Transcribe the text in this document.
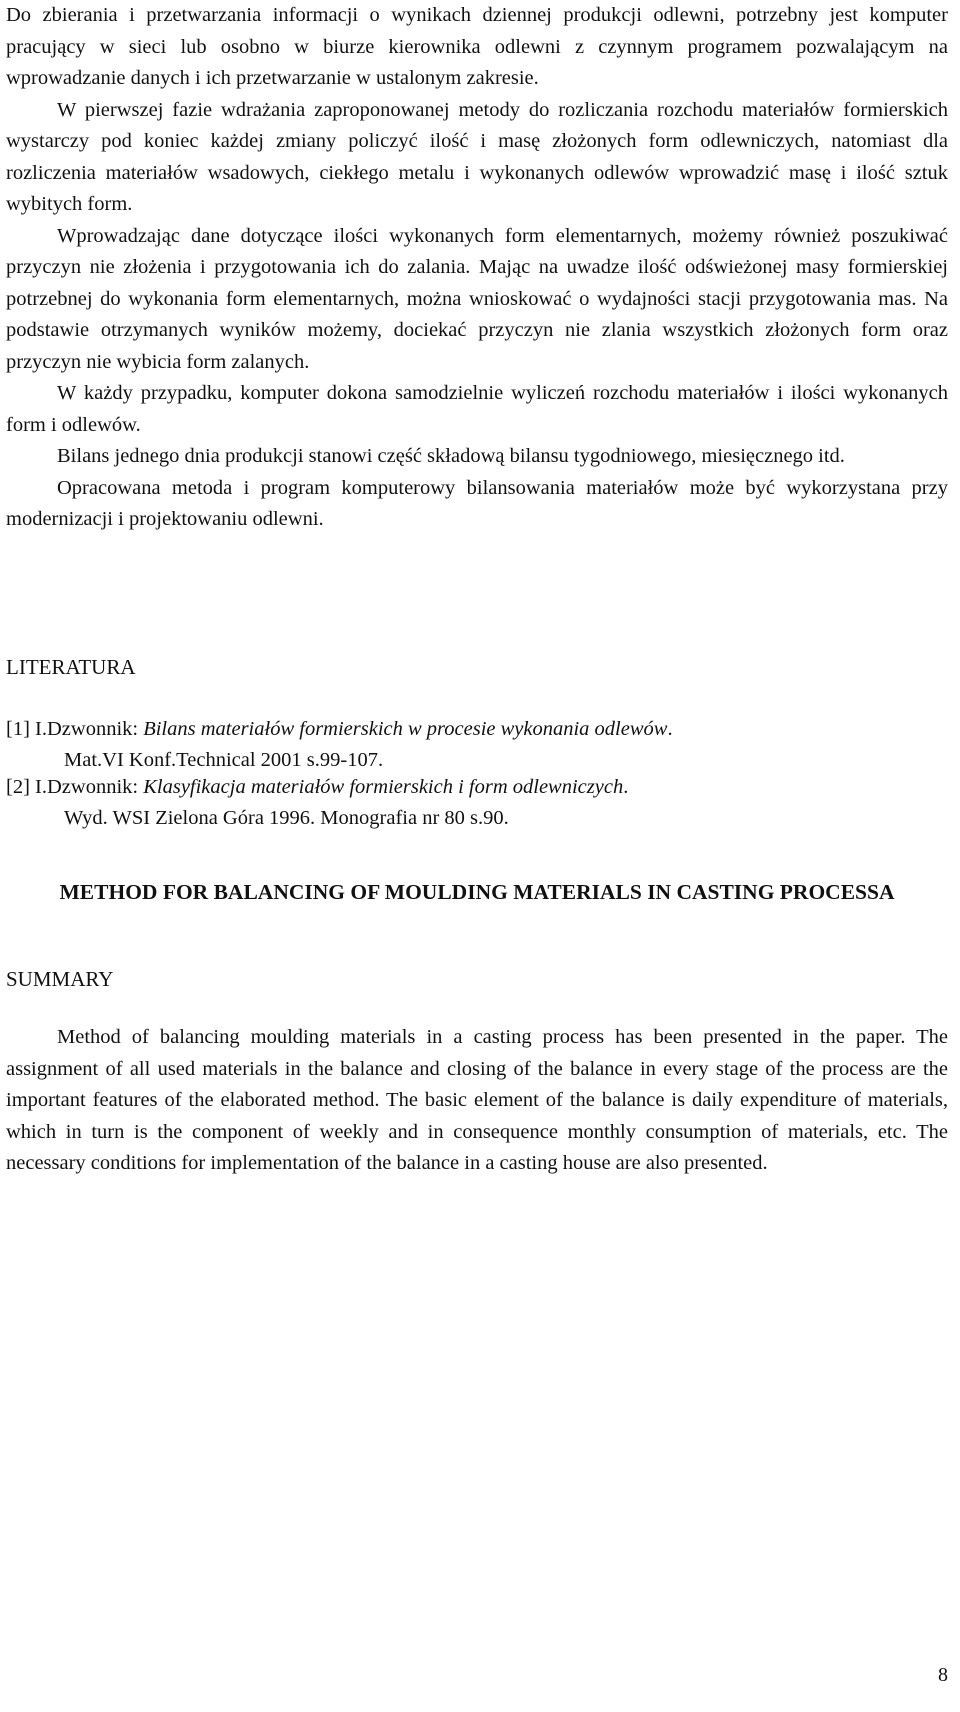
Do zbierania i przetwarzania informacji o wynikach dziennej produkcji odlewni, potrzebny jest komputer pracujący w sieci lub osobno w biurze kierownika odlewni z czynnym programem pozwalającym na wprowadzanie danych i ich przetwarzanie w ustalonym zakresie.

W pierwszej fazie wdrażania zaproponowanej metody do rozliczania rozchodu materiałów formierskich wystarczy pod koniec każdej zmiany policzyć ilość i masę złożonych form odlewniczych, natomiast dla rozliczenia materiałów wsadowych, ciekłego metalu i wykonanych odlewów wprowadzić masę i ilość sztuk wybitych form.

Wprowadzając dane dotyczące ilości wykonanych form elementarnych, możemy również poszukiwać przyczyn nie złożenia i przygotowania ich do zalania. Mając na uwadze ilość odświeżonej masy formierskiej potrzebnej do wykonania form elementarnych, można wnioskować o wydajności stacji przygotowania mas. Na podstawie otrzymanych wyników możemy, dociekać przyczyn nie zlania wszystkich złożonych form oraz przyczyn nie wybicia form zalanych.

W każdy przypadku, komputer dokona samodzielnie wyliczeń rozchodu materiałów i ilości wykonanych form i odlewów.

Bilans jednego dnia produkcji stanowi część składową bilansu tygodniowego, miesięcznego itd.

Opracowana metoda i program komputerowy bilansowania materiałów może być wykorzystana przy modernizacji i projektowaniu odlewni.

LITERATURA
[1] I.Dzwonnik: Bilans materiałów formierskich w procesie wykonania odlewów.
Mat.VI Konf.Technical 2001 s.99-107.
[2] I.Dzwonnik: Klasyfikacja materiałów formierskich i form odlewniczych.
Wyd. WSI Zielona Góra 1996. Monografia nr 80 s.90.
METHOD FOR BALANCING OF MOULDING MATERIALS IN CASTING PROCESSA
SUMMARY

Method of balancing moulding materials in a casting process has been presented in the paper. The assignment of all used materials in the balance and closing of the balance in every stage of the process are the important features of the elaborated method. The basic element of the balance is daily expenditure of materials, which in turn is the component of weekly and in consequence monthly consumption of materials, etc. The necessary conditions for implementation of the balance in a casting house are also presented.

8
